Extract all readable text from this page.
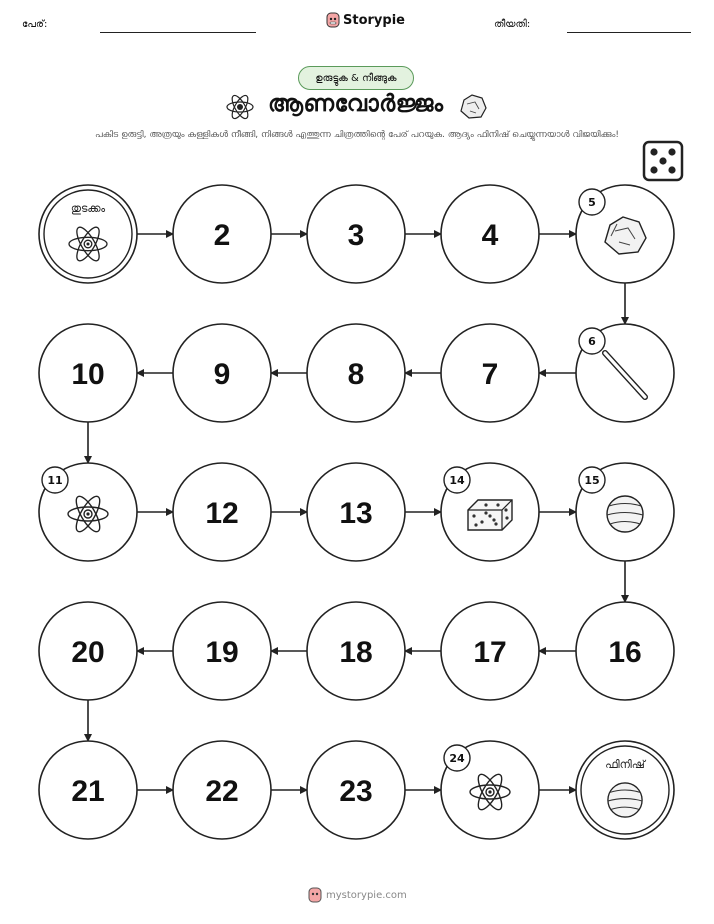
പേര്:	Storypie	തീയതി:
ഉരുട്ടുക & നീങ്ങുക
ആണവോർജ്ജം
പകിട ഉരുട്ടി, അത്രയും കള്ളികൾ നീങ്ങി, നിങ്ങൾ എത്തുന്ന ചിത്രത്തിന്റെ പേര് പറയുക. ആദ്യം ഫിനിഷ് ചെയ്യുന്നയാൾ വിജയിക്കും!
തുടക്കം
2	3	4
5
6
7
8
9
10
11
12	13
14	15
16
17
18
19
20
21	22	23
24	ഫിനിഷ്
mystorypie.com
